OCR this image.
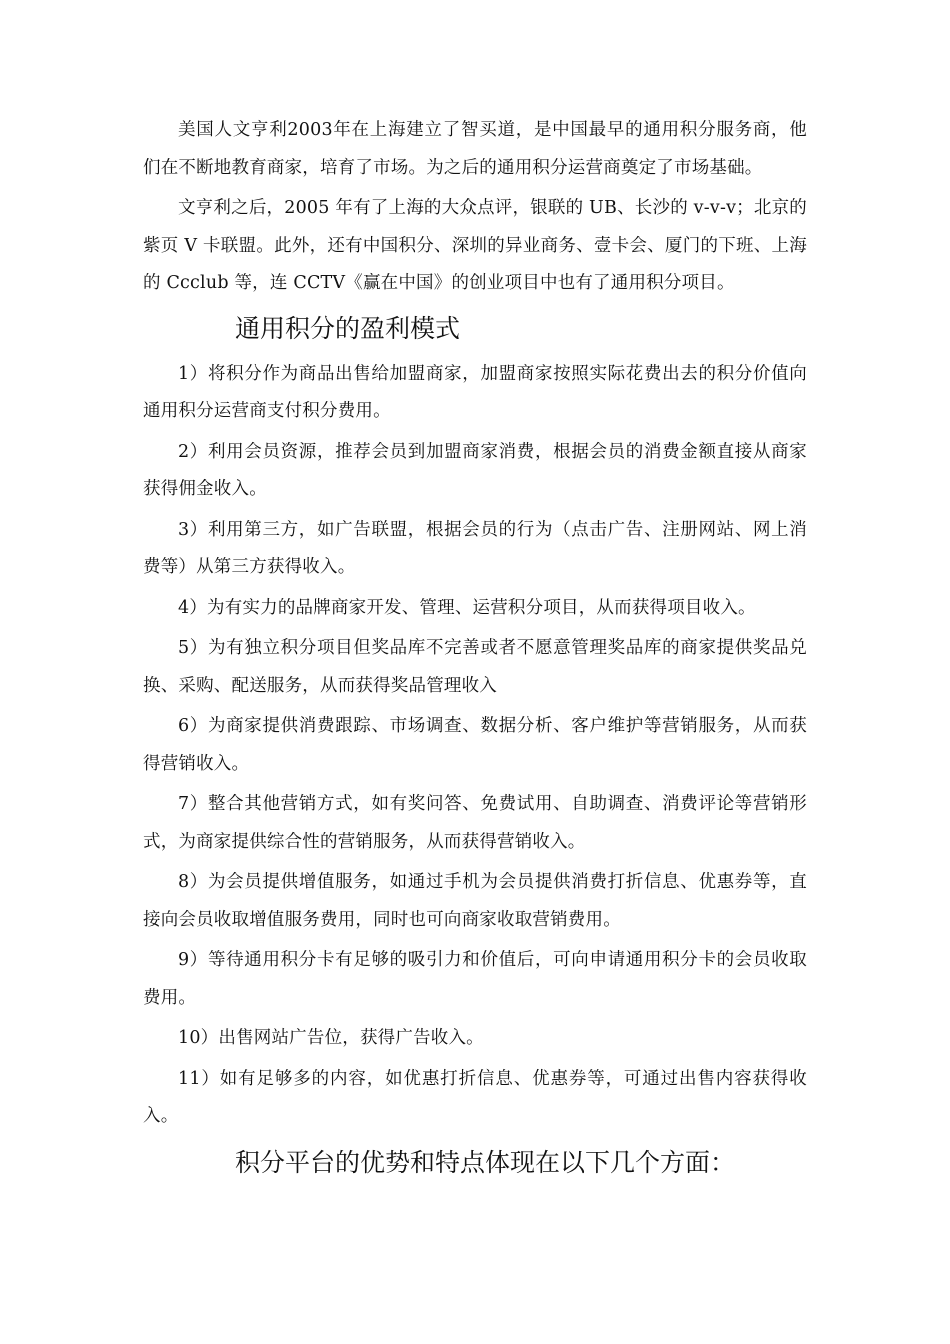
美国人文亨利2003年在上海建立了智买道，是中国最早的通用积分服务商，他们在不断地教育商家，培育了市场。为之后的通用积分运营商奠定了市场基础。

文亨利之后，2005 年有了上海的大众点评，银联的 UB、长沙的 v-v-v；北京的紫页 V 卡联盟。此外，还有中国积分、深圳的异业商务、壹卡会、厦门的下班、上海的 Ccclub 等，连 CCTV《赢在中国》的创业项目中也有了通用积分项目。

通用积分的盈利模式

1）将积分作为商品出售给加盟商家，加盟商家按照实际花费出去的积分价值向通用积分运营商支付积分费用。

2）利用会员资源，推荐会员到加盟商家消费，根据会员的消费金额直接从商家获得佣金收入。

3）利用第三方，如广告联盟，根据会员的行为（点击广告、注册网站、网上消费等）从第三方获得收入。

4）为有实力的品牌商家开发、管理、运营积分项目，从而获得项目收入。

5）为有独立积分项目但奖品库不完善或者不愿意管理奖品库的商家提供奖品兑换、采购、配送服务，从而获得奖品管理收入

6）为商家提供消费跟踪、市场调查、数据分析、客户维护等营销服务，从而获得营销收入。

7）整合其他营销方式，如有奖问答、免费试用、自助调查、消费评论等营销形式，为商家提供综合性的营销服务，从而获得营销收入。

8）为会员提供增值服务，如通过手机为会员提供消费打折信息、优惠券等，直接向会员收取增值服务费用，同时也可向商家收取营销费用。

9）等待通用积分卡有足够的吸引力和价值后，可向申请通用积分卡的会员收取费用。

10）出售网站广告位，获得广告收入。

11）如有足够多的内容，如优惠打折信息、优惠券等，可通过出售内容获得收入。

积分平台的优势和特点体现在以下几个方面：
